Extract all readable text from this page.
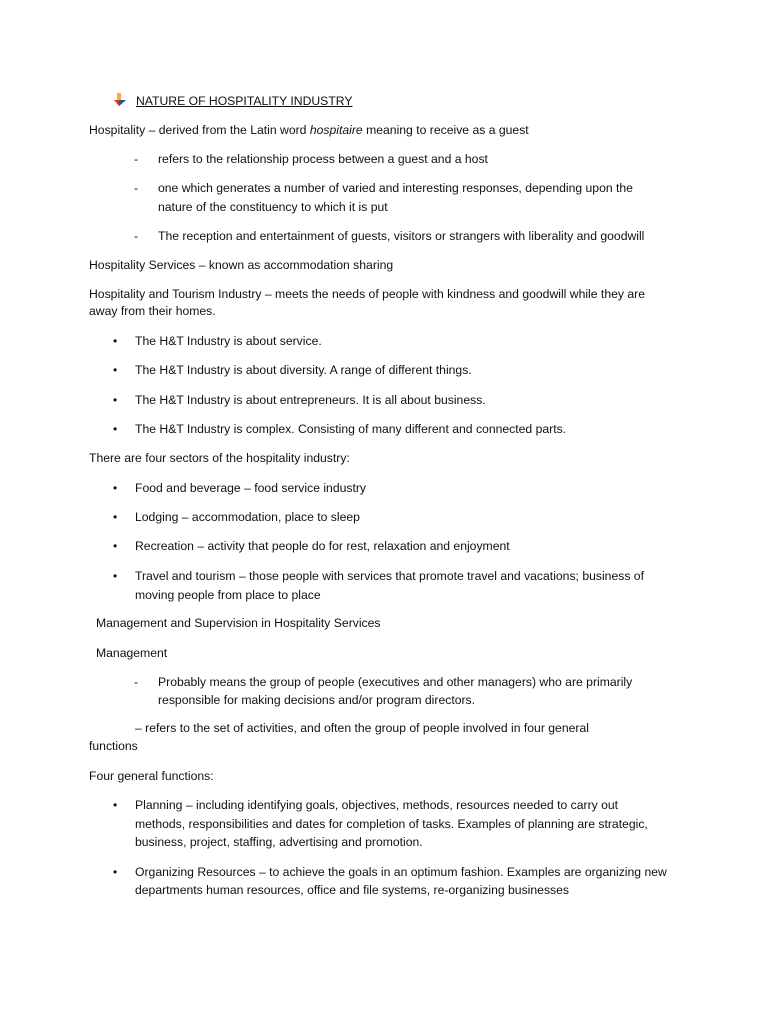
NATURE OF HOSPITALITY INDUSTRY
Hospitality – derived from the Latin word hospitaire meaning to receive as a guest
- refers to the relationship process between a guest and a host
- one which generates a number of varied and interesting responses, depending upon the
nature of the constituency to which it is put
- The reception and entertainment of guests, visitors or strangers with liberality and goodwill
Hospitality Services – known as accommodation sharing
Hospitality and Tourism Industry – meets the needs of people with kindness and goodwill while they are
away from their homes.
• The H&T Industry is about service.
• The H&T Industry is about diversity. A range of different things.
• The H&T Industry is about entrepreneurs. It is all about business.
• The H&T Industry is complex. Consisting of many different and connected parts.
There are four sectors of the hospitality industry:
• Food and beverage – food service industry
• Lodging – accommodation, place to sleep
• Recreation – activity that people do for rest, relaxation and enjoyment
• Travel and tourism – those people with services that promote travel and vacations; business of
moving people from place to place
Management and Supervision in Hospitality Services
Management
- Probably means the group of people (executives and other managers) who are primarily
responsible for making decisions and/or program directors.
– refers to the set of activities, and often the group of people involved in four general
functions
Four general functions:
• Planning – including identifying goals, objectives, methods, resources needed to carry out
methods, responsibilities and dates for completion of tasks. Examples of planning are strategic,
business, project, staffing, advertising and promotion.
• Organizing Resources – to achieve the goals in an optimum fashion. Examples are organizing new
departments human resources, office and file systems, re-organizing businesses
